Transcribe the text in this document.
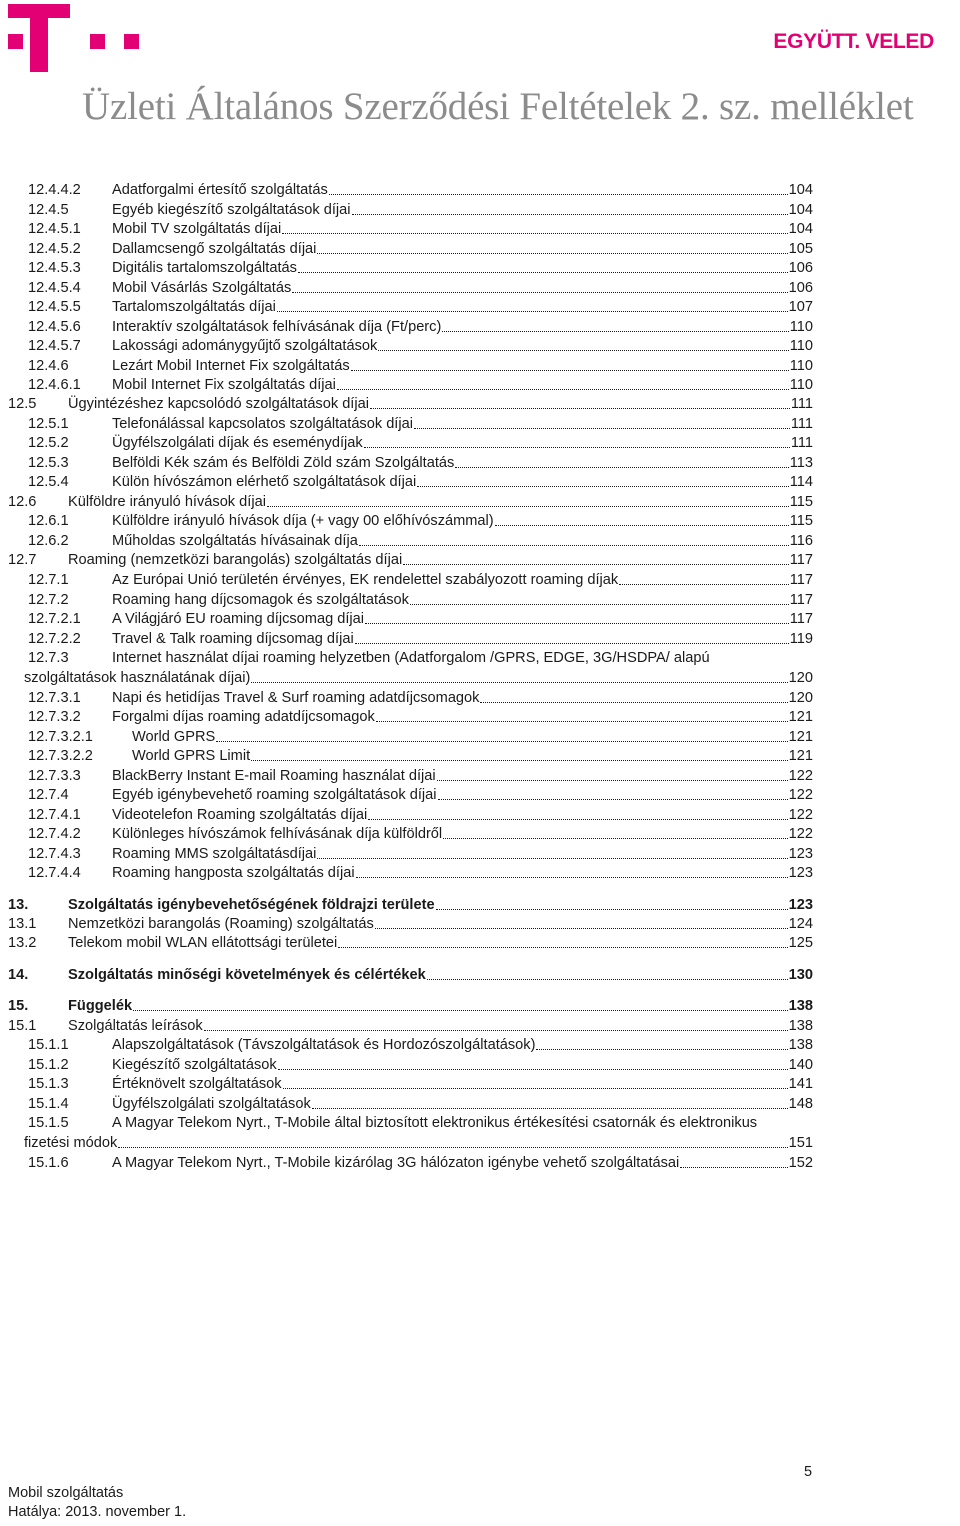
EGYÜTT. VELED
Üzleti Általános Szerződési Feltételek 2. sz. melléklet
12.4.4.2 Adatforgalmi értesítő szolgáltatás	104
12.4.5	Egyéb kiegészítő szolgáltatások díjai	104
12.4.5.1 Mobil TV szolgáltatás díjai	104
12.4.5.2 Dallamcsengő szolgáltatás díjai	105
12.4.5.3 Digitális tartalomszolgáltatás	106
12.4.5.4 Mobil Vásárlás Szolgáltatás	106
12.4.5.5 Tartalomszolgáltatás díjai	107
12.4.5.6 Interaktív szolgáltatások felhívásának díja (Ft/perc)	110
12.4.5.7 Lakossági adománygyűjtő szolgáltatások	110
12.4.6	Lezárt Mobil Internet Fix szolgáltatás	110
12.4.6.1 Mobil Internet Fix szolgáltatás díjai	110
12.5 Ügyintézéshez kapcsolódó szolgáltatások díjai	111
12.5.1	Telefonálással kapcsolatos szolgáltatások díjai	111
12.5.2	Ügyfélszolgálati díjak és eseménydíjak	111
12.5.3	Belföldi Kék szám és Belföldi Zöld szám Szolgáltatás	113
12.5.4	Külön hívószámon elérhető szolgáltatások díjai	114
12.6 Külföldre irányuló hívások díjai	115
12.6.1	Külföldre irányuló hívások díja (+ vagy 00 előhívószámmal)	115
12.6.2	Műholdas szolgáltatás hívásainak díja	116
12.7 Roaming (nemzetközi barangolás) szolgáltatás díjai	117
12.7.1	Az Európai Unió területén érvényes, EK rendelettel szabályozott roaming díjak	117
12.7.2	Roaming hang díjcsomagok és szolgáltatások	117
12.7.2.1 A Világjáró EU roaming díjcsomag díjai	117
12.7.2.2 Travel & Talk roaming díjcsomag díjai	119
12.7.3	Internet használat díjai roaming helyzetben (Adatforgalom /GPRS, EDGE, 3G/HSDPA/ alapú
szolgáltatások használatának díjai)	120
12.7.3.1 Napi és hetidíjas Travel & Surf roaming adatdíjcsomagok	120
12.7.3.2 Forgalmi díjas roaming adatdíjcsomagok	121
12.7.3.2.1	World GPRS	121
12.7.3.2.2	World GPRS Limit	121
12.7.3.3 BlackBerry Instant E-mail Roaming használat díjai	122
12.7.4	Egyéb igénybevehető roaming szolgáltatások díjai	122
12.7.4.1 Videotelefon Roaming szolgáltatás díjai	122
12.7.4.2 Különleges hívószámok felhívásának díja külföldről	122
12.7.4.3 Roaming MMS szolgáltatásdíjai	123
12.7.4.4 Roaming hangposta szolgáltatás díjai	123
13.	Szolgáltatás igénybevehetőségének földrajzi területe	123
13.1 Nemzetközi barangolás (Roaming) szolgáltatás	124
13.2 Telekom mobil WLAN ellátottsági területei	125
14.	Szolgáltatás minőségi követelmények és célértékek	130
15.	Függelék	138
15.1 Szolgáltatás leírások	138
15.1.1	Alapszolgáltatások (Távszolgáltatások és Hordozószolgáltatások)	138
15.1.2	Kiegészítő szolgáltatások	140
15.1.3	Értéknövelt szolgáltatások	141
15.1.4	Ügyfélszolgálati szolgáltatások	148
15.1.5	A Magyar Telekom Nyrt., T-Mobile által biztosított elektronikus értékesítési csatornák és elektronikus
fizetési módok	151
15.1.6	A Magyar Telekom Nyrt., T-Mobile kizárólag 3G hálózaton igénybe vehető szolgáltatásai	152
Mobil szolgáltatás
Hatálya: 2013. november 1.
5
